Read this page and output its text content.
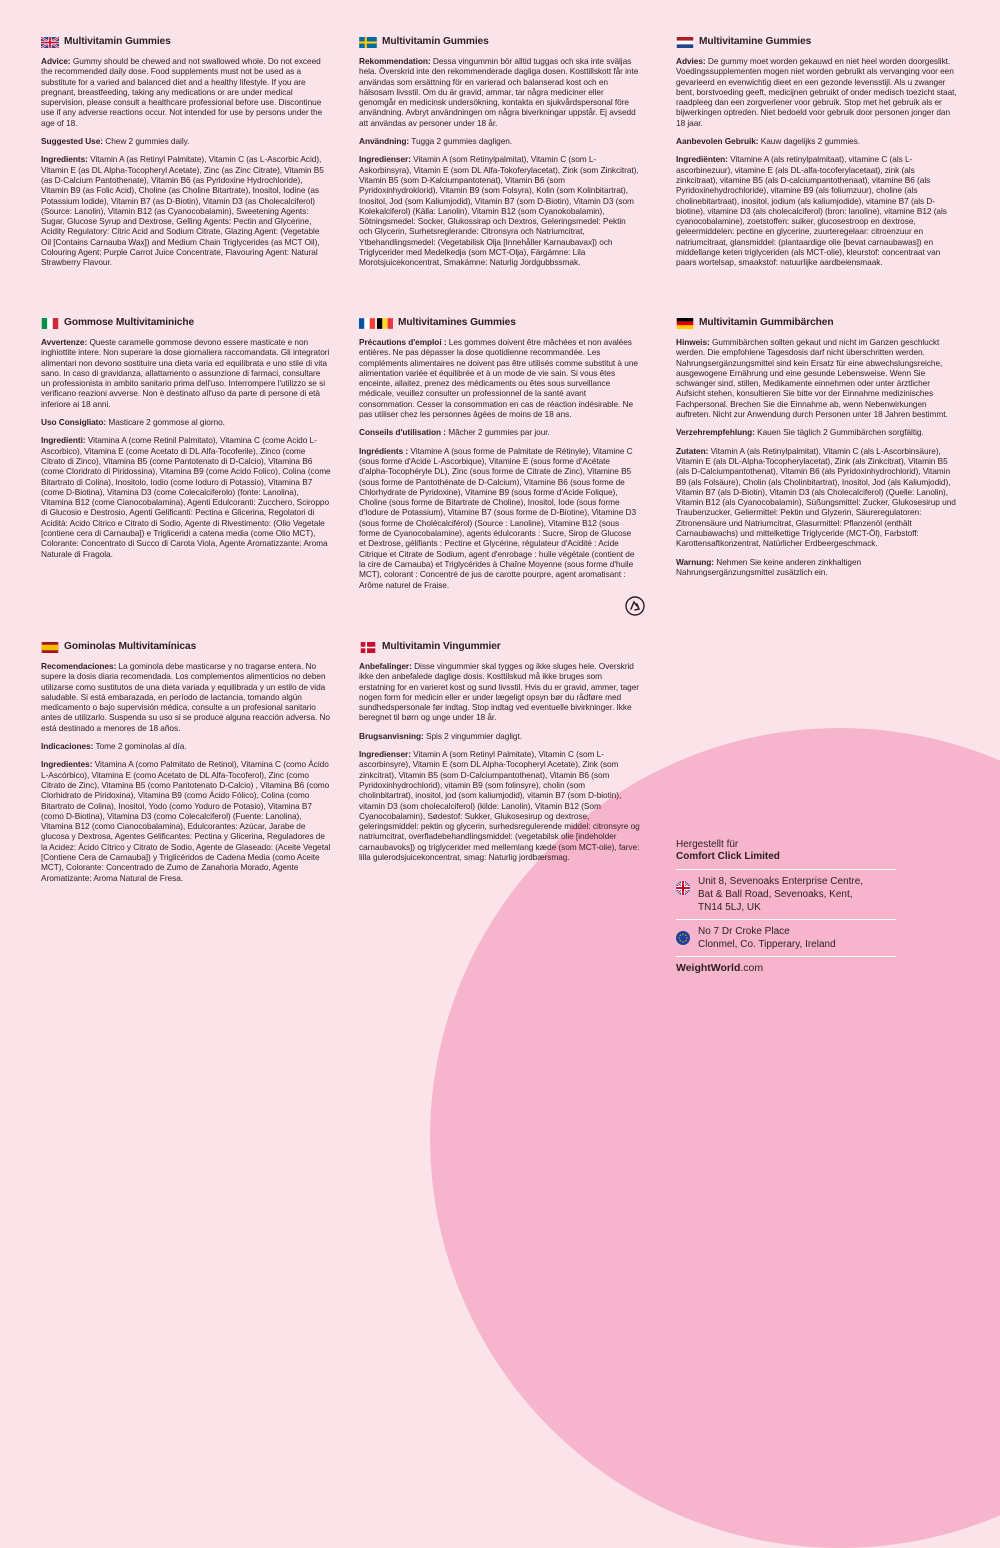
Multivitamin Gummies

Advice: Gummy should be chewed and not swallowed whole. Do not exceed the recommended daily dose. Food supplements must not be used as a substitute for a varied and balanced diet and a healthy lifestyle. If you are pregnant, breastfeeding, taking any medications or are under medical supervision, please consult a healthcare professional before use. Discontinue use if any adverse reactions occur. Not intended for use by persons under the age of 18.

Suggested Use: Chew 2 gummies daily.

Ingredients: Vitamin A (as Retinyl Palmitate), Vitamin C (as L-Ascorbic Acid), Vitamin E (as DL Alpha-Tocopheryl Acetate), Zinc (as Zinc Citrate), Vitamin B5 (as D-Calcium Pantothenate), Vitamin B6 (as Pyridoxine Hydrochloride), Vitamin B9 (as Folic Acid), Choline (as Choline Bitartrate), Inositol, Iodine (as Potassium Iodide), Vitamin B7 (as D-Biotin), Vitamin D3 (as Cholecalciferol) (Source: Lanolin), Vitamin B12 (as Cyanocobalamin), Sweetening Agents: Sugar, Glucose Syrup and Dextrose, Gelling Agents: Pectin and Glycerine, Acidity Regulatory: Citric Acid and Sodium Citrate, Glazing Agent: (Vegetable Oil [Contains Carnauba Wax]) and Medium Chain Triglycerides (as MCT Oil), Colouring Agent: Purple Carrot Juice Concentrate, Flavouring Agent: Natural Strawberry Flavour.

Multivitamin Gummies

Rekommendation: Dessa vingummin bör alltid tuggas och ska inte sväljas hela. Överskrid inte den rekommenderade dagliga dosen. Kosttillskott får inte användas som ersättning för en varierad och balanserad kost och en hälsosam livsstil. Om du är gravid, ammar, tar några mediciner eller genomgår en medicinsk undersökning, kontakta en sjukvårdspersonal före användning. Avbryt användningen om några biverkningar uppstår. Ej avsedd att användas av personer under 18 år.

Användning: Tugga 2 gummies dagligen.

Ingredienser: Vitamin A (som Retinylpalmitat), Vitamin C (som L-Askorbinsyra), Vitamin E (som DL Alfa-Tokoferylacetat), Zink (som Zinkcitrat), Vitamin B5 (som D-Kalciumpantotenat), Vitamin B6 (som Pyridoxinhydroklorid), Vitamin B9 (som Folsyra), Kolin (som Kolinbitartrat), Inositol, Jod (som Kaliumjodid), Vitamin B7 (som D-Biotin), Vitamin D3 (som Kolekalciferol) (Källa: Lanolin), Vitamin B12 (som Cyanokobalamin), Sötningsmedel: Socker, Glukossirap och Dextros, Geleringsmedel: Pektin och Glycerin, Surhetsreglerande: Citronsyra och Natriumcitrat, Ytbehandlingsmedel: (Vegetabilisk Olja [Innehåller Karnaubavax]) och Triglycerider med Medelkedja (som MCT-Olja), Färgämne: Lila Morotsjuicekoncentrat, Smakämne: Naturlig Jordgubbssmak.

Multivitamine Gummies

Advies: De gummy moet worden gekauwd en niet heel worden doorgeslikt. Voedingssupplementen mogen niet worden gebruikt als vervanging voor een gevarieerd en evenwichtig dieet en een gezonde levensstijl. Als u zwanger bent, borstvoeding geeft, medicijnen gebruikt of onder medisch toezicht staat, raadpleeg dan een zorgverlener voor gebruik. Stop met het gebruik als er bijwerkingen optreden. Niet bedoeld voor gebruik door personen jonger dan 18 jaar.

Aanbevolen Gebruik: Kauw dagelijks 2 gummies.

Ingrediënten: Vitamine A (als retinylpalmitaat), vitamine C (als L-ascorbinezuur), vitamine E (als DL-alfa-tocoferylacetaat), zink (als zinkcitraat), vitamine B5 (als D-calciumpantothenaat), vitamine B6 (als Pyridoxinehydrochloride), vitamine B9 (als foliumzuur), choline (als cholinebitartraat), inositol, jodium (als kaliumjodide), vitamine B7 (als D-biotine), vitamine D3 (als cholecalciferol) (bron: lanoline), vitamine B12 (als cyanocobalamine), zoetstoffen: suiker, glucosestroop en dextrose, geleermiddelen: pectine en glycerine, zuurteregelaar: citroenzuur en natriumcitraat, glansmiddel: (plantaardige olie [bevat carnaubawas]) en middellange keten triglyceriden (als MCT-olie), kleurstof: concentraat van paars wortelsap, smaakstof: natuurlijke aardbeiensmaak.

Gommose Multivitaminiche

Avvertenze: Queste caramelle gommose devono essere masticate e non inghiottite intere. Non superare la dose giornaliera raccomandata. Gli integratori alimentari non devono sostituire una dieta varia ed equilibrata e uno stile di vita sano. In caso di gravidanza, allattamento o assunzione di farmaci, consultare un professionista in ambito sanitario prima dell'uso. Interrompere l'utilizzo se si verificano reazioni avverse. Non è destinato all'uso da parte di persone di età inferiore ai 18 anni.

Uso Consigliato: Masticare 2 gommose al giorno.

Ingredienti: Vitamina A (come Retinil Palmitato), Vitamina C (come Acido L-Ascorbico), Vitamina E (come Acetato di DL Alfa-Tocoferile), Zinco (come Citrato di Zinco), Vitamina B5 (come Pantotenato di D-Calcio), Vitamina B6 (come Cloridrato di Piridossina), Vitamina B9 (come Acido Folico), Colina (come Bitartrato di Colina), Inositolo, Iodio (come Ioduro di Potassio), Vitamina B7 (come D-Biotina), Vitamina D3 (come Colecalciferolo) (fonte: Lanolina), Vitamina B12 (come Cianocobalamina), Agenti Edulcoranti: Zucchero, Sciroppo di Glucosio e Destrosio, Agenti Gelificanti: Pectina e Glicerina, Regolatori di Acidità: Acido Citrico e Citrato di Sodio, Agente di Rivestimento: (Olio Vegetale [contiene cera di Carnauba]) e Trigliceridi a catena media (come Olio MCT), Colorante: Concentrato di Succo di Carota Viola, Agente Aromatizzante: Aroma Naturale di Fragola.

Multivitamines Gummies

Précautions d'emploi : Les gommes doivent être mâchées et non avalées entières. Ne pas dépasser la dose quotidienne recommandée. Les compléments alimentaires ne doivent pas être utilisés comme substitut à une alimentation variée et équilibrée et à un mode de vie sain. Si vous êtes enceinte, allaitez, prenez des médicaments ou êtes sous surveillance médicale, veuillez consulter un professionnel de la santé avant consommation. Cesser la consommation en cas de réaction indésirable. Ne pas utiliser chez les personnes âgées de moins de 18 ans.

Conseils d'utilisation : Mâcher 2 gummies par jour.

Ingrédients : Vitamine A (sous forme de Palmitate de Rétinyle), Vitamine C (sous forme d'Acide L-Ascorbique), Vitamine E (sous forme d'Acétate d'alpha-Tocophéryle DL), Zinc (sous forme de Citrate de Zinc), Vitamine B5 (sous forme de Pantothénate de D-Calcium), Vitamine B6 (sous forme de Chlorhydrate de Pyridoxine), Vitamine B9 (sous forme d'Acide Folique), Choline (sous forme de Bitartrate de Choline), Inositol, Iode (sous forme d'Iodure de Potassium), Vitamine B7 (sous forme de D-Biotine), Vitamine D3 (sous forme de Cholécalciférol) (Source : Lanoline), Vitamine B12 (sous forme de Cyanocobalamine), agents édulcorants : Sucre, Sirop de Glucose et Dextrose, gélifiants : Pectine et Glycérine, régulateur d'Acidité : Acide Citrique et Citrate de Sodium, agent d'enrobage : huile végétale (contient de la cire de Carnauba) et Triglycérides à Chaîne Moyenne (sous forme d'huile MCT), colorant : Concentré de jus de carotte pourpre, agent aromatisant : Arôme naturel de Fraise.

Multivitamin Gummibärchen

Hinweis: Gummibärchen sollten gekaut und nicht im Ganzen geschluckt werden. Die empfohlene Tagesdosis darf nicht überschritten werden. Nahrungsergänzungsmittel sind kein Ersatz für eine abwechslungsreiche, ausgewogene Ernährung und eine gesunde Lebensweise. Wenn Sie schwanger sind, stillen, Medikamente einnehmen oder unter ärztlicher Aufsicht stehen, konsultieren Sie bitte vor der Einnahme medizinisches Fachpersonal. Brechen Sie die Einnahme ab, wenn Nebenwirkungen auftreten. Nicht zur Anwendung durch Personen unter 18 Jahren bestimmt.

Verzehrempfehlung: Kauen Sie täglich 2 Gummibärchen sorgfältig.

Zutaten: Vitamin A (als Retinylpalmitat), Vitamin C (als L-Ascorbinsäure), Vitamin E (als DL-Alpha-Tocopherylacetat), Zink (als Zinkcitrat), Vitamin B5 (als D-Calciumpantothenat), Vitamin B6 (als Pyridoxinhydrochlorid), Vitamin B9 (als Folsäure), Cholin (als Cholinbitartrat), Inositol, Jod (als Kaliumjodid), Vitamin B7 (als D-Biotin), Vitamin D3 (als Cholecalciferol) (Quelle: Lanolin), Vitamin B12 (als Cyanocobalamin), Süßungsmittel: Zucker, Glukosesirup und Traubenzucker, Geliermittel: Pektin und Glyzerin, Säureregulatoren: Zitronensäure und Natriumcitrat, Glasurmittel: Pflanzenöl (enthält Carnaubawachs) und mittelkettige Triglyceride (MCT-Öl), Farbstoff: Karottensaftkonzentrat, Natürlicher Erdbeergeschmack.

Warnung: Nehmen Sie keine anderen zinkhaltigen Nahrungsergänzungsmittel zusätzlich ein.

Gominolas Multivitamínicas

Recomendaciones: La gominola debe masticarse y no tragarse entera. No supere la dosis diaria recomendada. Los complementos alimenticios no deben utilizarse como sustitutos de una dieta variada y equilibrada y un estilo de vida saludable. Si está embarazada, en período de lactancia, tomando algún medicamento o bajo supervisión médica, consulte a un profesional sanitario antes de utilizarlo. Suspenda su uso si se produce alguna reacción adversa. No está destinado a menores de 18 años.

Indicaciones: Tome 2 gominolas al día.

Ingredientes: Vitamina A (como Palmitato de Retinol), Vitamina C (como Ácido L-Ascórbico), Vitamina E (como Acetato de DL Alfa-Tocoferol), Zinc (como Citrato de Zinc), Vitamina B5 (como Pantotenato D-Calcio) , Vitamina B6 (como Clorhidrato de Piridoxina), Vitamina B9 (como Ácido Fólico), Colina (como Bitartrato de Colina), Inositol, Yodo (como Yoduro de Potasio), Vitamina B7 (como D-Biotina), Vitamina D3 (como Colecalciferol) (Fuente: Lanolina), Vitamina B12 (como Cianocobalamina), Edulcorantes: Azúcar, Jarabe de glucosa y Dextrosa, Agentes Gelificantes: Pectina y Glicerina, Reguladores de la Acidez: Ácido Cítrico y Citrato de Sodio, Agente de Glaseado: (Aceite Vegetal [Contiene Cera de Carnauba]) y Triglicéridos de Cadena Media (como Aceite MCT), Colorante: Concentrado de Zumo de Zanahoria Morado, Agente Aromatizante: Aroma Natural de Fresa.

Multivitamin Vingummier

Anbefalinger: Disse vingummier skal tygges og ikke sluges hele. Overskrid ikke den anbefalede daglige dosis. Kosttilskud må ikke bruges som erstatning for en varieret kost og sund livsstil. Hvis du er gravid, ammer, tager nogen form for medicin eller er under lægeligt opsyn bør du rådføre med sundhedspersonale før indtag. Stop indtag ved eventuelle bivirkninger. Ikke beregnet til børn og unge under 18 år.

Brugsanvisning: Spis 2 vingummier dagligt.

Ingredienser: Vitamin A (som Retinyl Palmitate), Vitamin C (som L-ascorbinsyre), Vitamin E (som DL Alpha-Tocopheryl Acetate), Zink (som zinkcitrat), Vitamin B5 (som D-Calciumpantothenat), Vitamin B6 (som Pyridoxinhydrochlorid), vitamin B9 (som folinsyre), cholin (som cholinbitartrat), inositol, jod (som kaliumjodid), vitamin B7 (som D-biotin), vitamin D3 (som cholecalciferol) (kilde: Lanolin), Vitamin B12 (Som Cyanocobalamin), Sødestof: Sukker, Glukosesirup og dextrose, geleringsmiddel: pektin og glycerin, surhedsregulerende middel: citronsyre og natriumcitrat, overfladebehandlingsmiddel: (vegetabilsk olie [indeholder carnaubavoks]) og triglycerider med mellemlang kæde (som MCT-olie), farve: lilla gulerodsjuicekoncentrat, smag: Naturlig jordbærsmag.

Hergestellt für
Comfort Click Limited
Unit 8, Sevenoaks Enterprise Centre,
Bat & Ball Road, Sevenoaks, Kent,
TN14 5LJ, UK
No 7 Dr Croke Place
Clonmel, Co. Tipperary, Ireland
WeightWorld.com
